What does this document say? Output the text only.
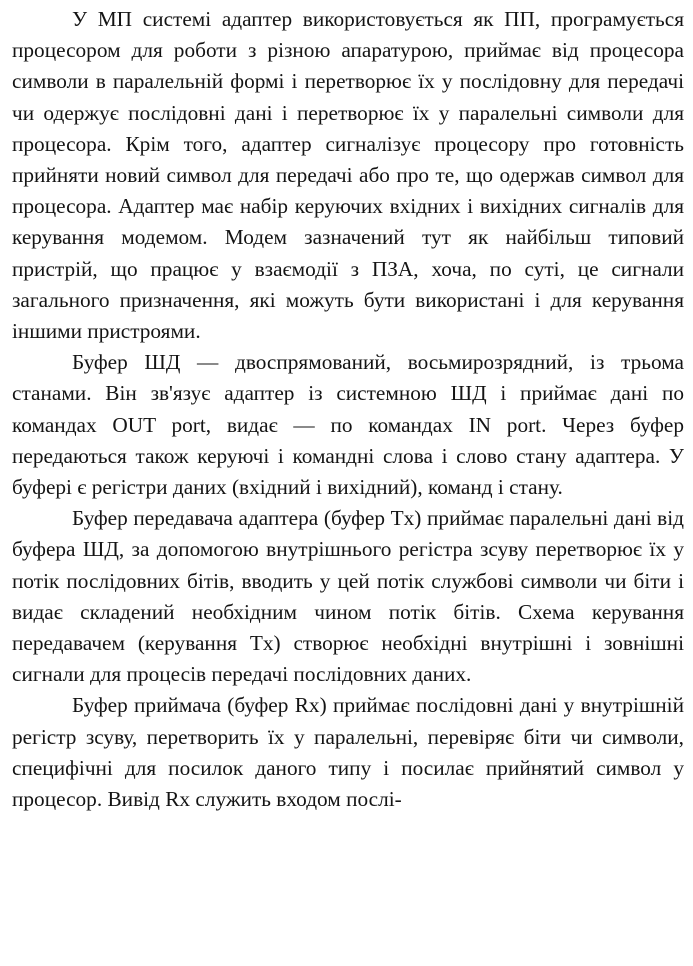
У МП системі адаптер використовується як ПП, програмується процесором для роботи з різною апаратурою, приймає від процесора символи в паралельній формі і перетворює їх у послідовну для передачі чи одержує послідовні дані і перетворює їх у паралельні символи для процесора. Крім того, адаптер сигналізує процесору про готовність прийняти новий символ для передачі або про те, що одержав символ для процесора. Адаптер має набір керуючих вхідних і вихідних сигналів для керування модемом. Модем зазначений тут як найбільш типовий пристрій, що працює у взаємодії з ПЗА, хоча, по суті, це сигнали загального призначення, які можуть бути використані і для керування іншими пристроями.

Буфер ШД — двоспрямований, восьмирозрядний, із трьома станами. Він зв'язує адаптер із системною ШД і приймає дані по командах OUT port, видає — по командах IN port. Через буфер передаються також керуючі і командні слова і слово стану адаптера. У буфері є регістри даних (вхідний і вихідний), команд і стану.

Буфер передавача адаптера (буфер Tx) приймає паралельні дані від буфера ШД, за допомогою внутрішнього регістра зсуву перетворює їх у потік послідовних бітів, вводить у цей потік службові символи чи біти і видає складений необхідним чином потік бітів. Схема керування передавачем (керування Tx) створює необхідні внутрішні і зовнішні сигнали для процесів передачі послідовних даних.

Буфер приймача (буфер Rx) приймає послідовні дані у внутрішній регістр зсуву, перетворить їх у паралельні, перевіряє біти чи символи, специфічні для посилок даного типу і посилає прийнятий символ у процесор. Вивід Rx служить входом послі-
